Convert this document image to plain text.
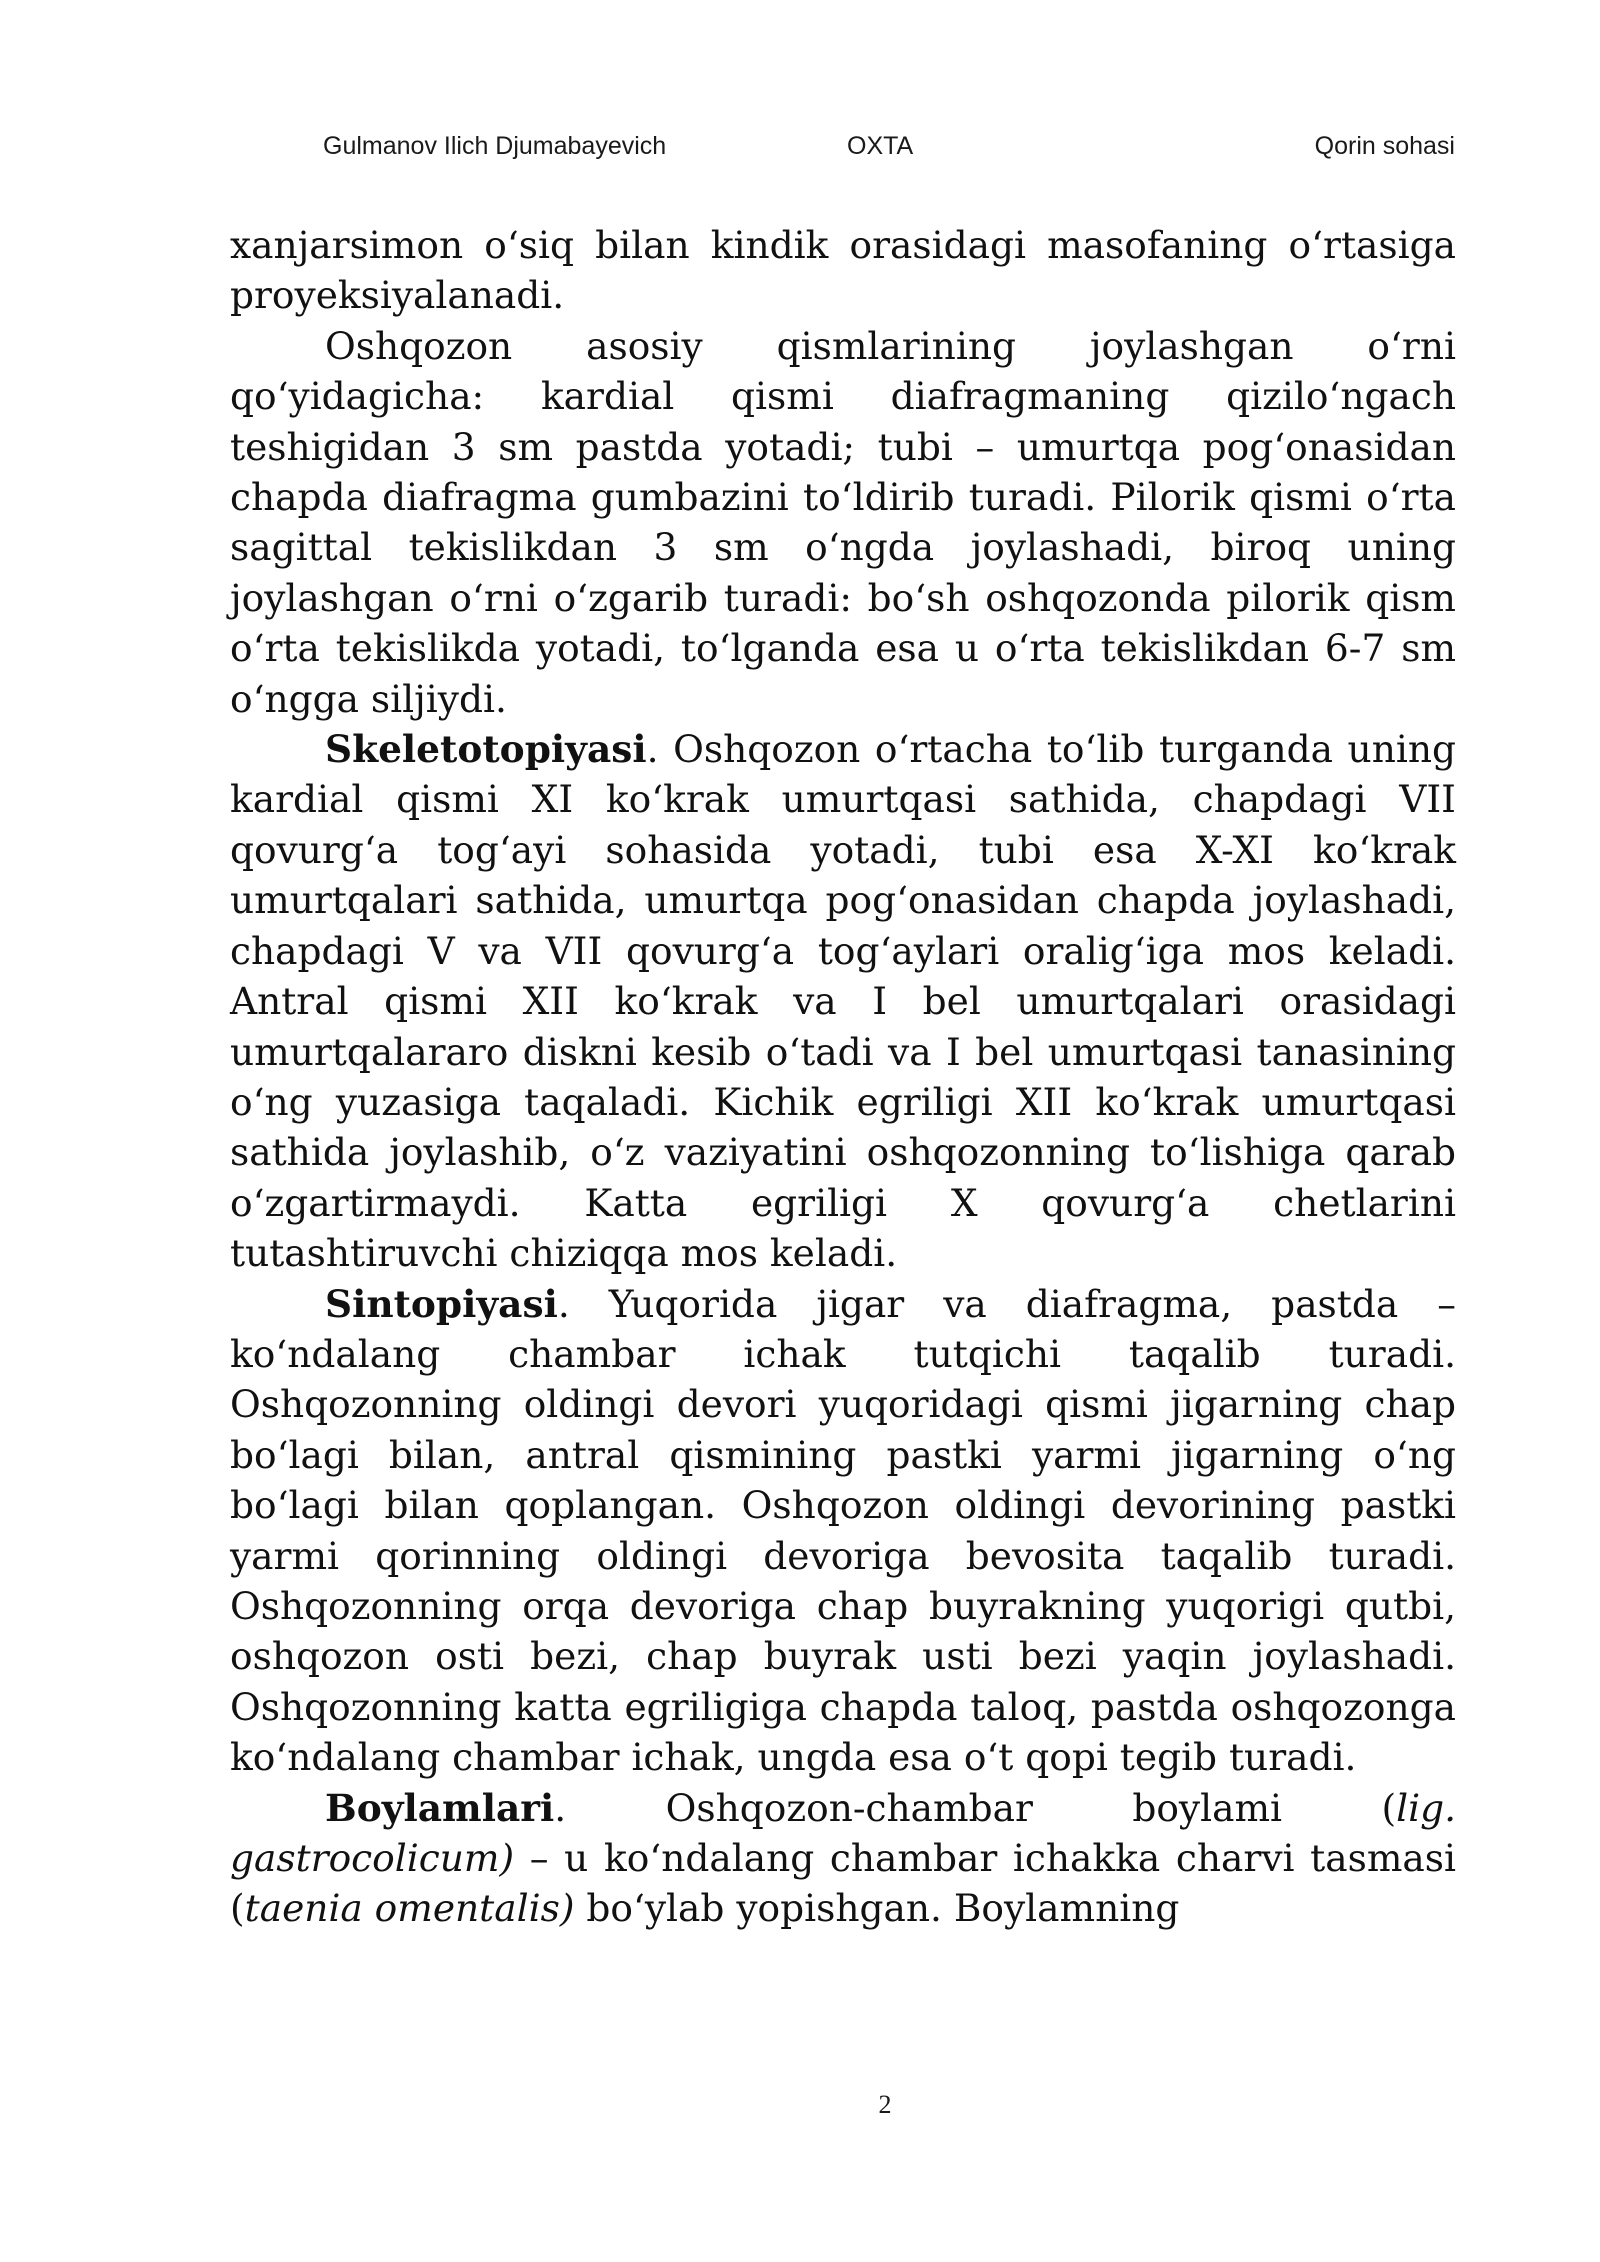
Gulmanov Ilich Djumabayevich	OXTA	Qorin sohasi

xanjarsimon o‘siq bilan kindik orasidagi masofaning o‘rtasiga proyeksiyalanadi.

Oshqozon asosiy qismlarining joylashgan o‘rni qo‘yidagicha: kardial qismi diafragmaning qizilo‘ngach teshigidan 3 sm pastda yotadi; tubi – umurtqa pog‘onasidan chapda diafragma gumbazini to‘ldirib turadi. Pilorik qismi o‘rta sagittal tekislikdan 3 sm o‘ngda joylashadi, biroq uning joylashgan o‘rni o‘zgarib turadi: bo‘sh oshqozonda pilorik qism o‘rta tekislikda yotadi, to‘lganda esa u o‘rta tekislikdan 6-7 sm o‘ngga siljiydi.

Skeletotopiyasi. Oshqozon o‘rtacha to‘lib turganda uning kardial qismi XI ko‘krak umurtqasi sathida, chapdagi VII qovurg‘a tog‘ayi sohasida yotadi, tubi esa X-XI ko‘krak umurtqalari sathida, umurtqa pog‘onasidan chapda joylashadi, chapdagi V va VII qovurg‘a tog‘aylari oralig‘iga mos keladi. Antral qismi XII ko‘krak va I bel umurtqalari orasidagi umurtqalararo diskni kesib o‘tadi va I bel umurtqasi tanasining o‘ng yuzasiga taqaladi. Kichik egriligi XII ko‘krak umurtqasi sathida joylashib, o‘z vaziyatini oshqozonning to‘lishiga qarab o‘zgartirmaydi. Katta egriligi X qovurg‘a chetlarini tutashtiruvchi chiziqqa mos keladi.

Sintopiyasi. Yuqorida jigar va diafragma, pastda – ko‘ndalang chambar ichak tutqichi taqalib turadi. Oshqozonning oldingi devori yuqoridagi qismi jigarning chap bo‘lagi bilan, antral qismining pastki yarmi jigarning o‘ng bo‘lagi bilan qoplangan. Oshqozon oldingi devorining pastki yarmi qorinning oldingi devoriga bevosita taqalib turadi. Oshqozonning orqa devoriga chap buyrakning yuqorigi qutbi, oshqozon osti bezi, chap buyrak usti bezi yaqin joylashadi. Oshqozonning katta egriligiga chapda taloq, pastda oshqozonga ko‘ndalang chambar ichak, ungda esa o‘t qopi tegib turadi.

Boylamlari. Oshqozon-chambar boylami (lig. gastrocolicum) – u ko‘ndalang chambar ichakka charvi tasmasi (taenia omentalis) bo‘ylab yopishgan. Boylamning

2
